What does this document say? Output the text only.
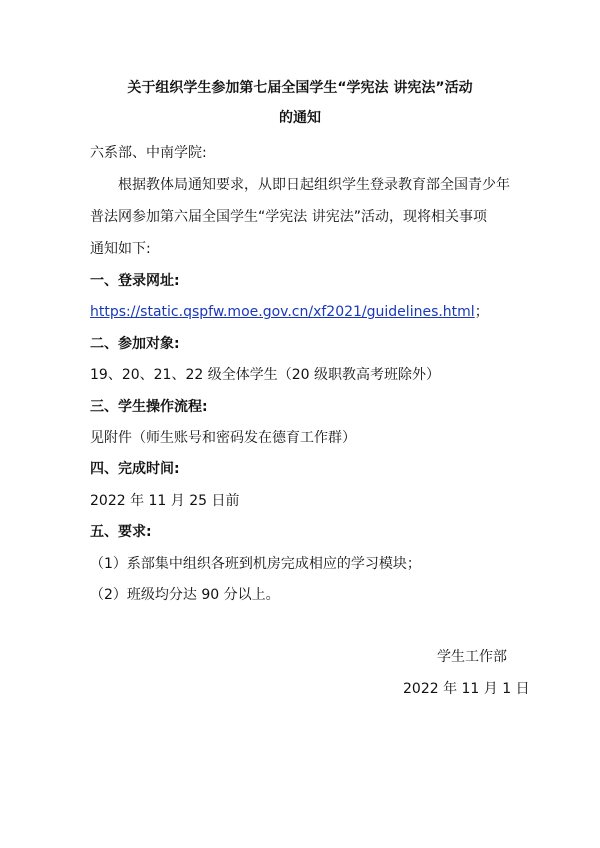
关于组织学生参加第七届全国学生“学宪法 讲宪法”活动
的通知
六系部、中南学院:
根据教体局通知要求，从即日起组织学生登录教育部全国青少年
普法网参加第六届全国学生“学宪法 讲宪法”活动，现将相关事项
通知如下:
一、登录网址:
https://static.qspfw.moe.gov.cn/xf2021/guidelines.html；
二、参加对象:
19、20、21、22 级全体学生（20 级职教高考班除外）
三、学生操作流程:
见附件（师生账号和密码发在德育工作群）
四、完成时间:
2022 年 11 月 25 日前
五、要求:
（1）系部集中组织各班到机房完成相应的学习模块；
（2）班级均分达 90 分以上。
学生工作部
2022 年 11 月 1 日
